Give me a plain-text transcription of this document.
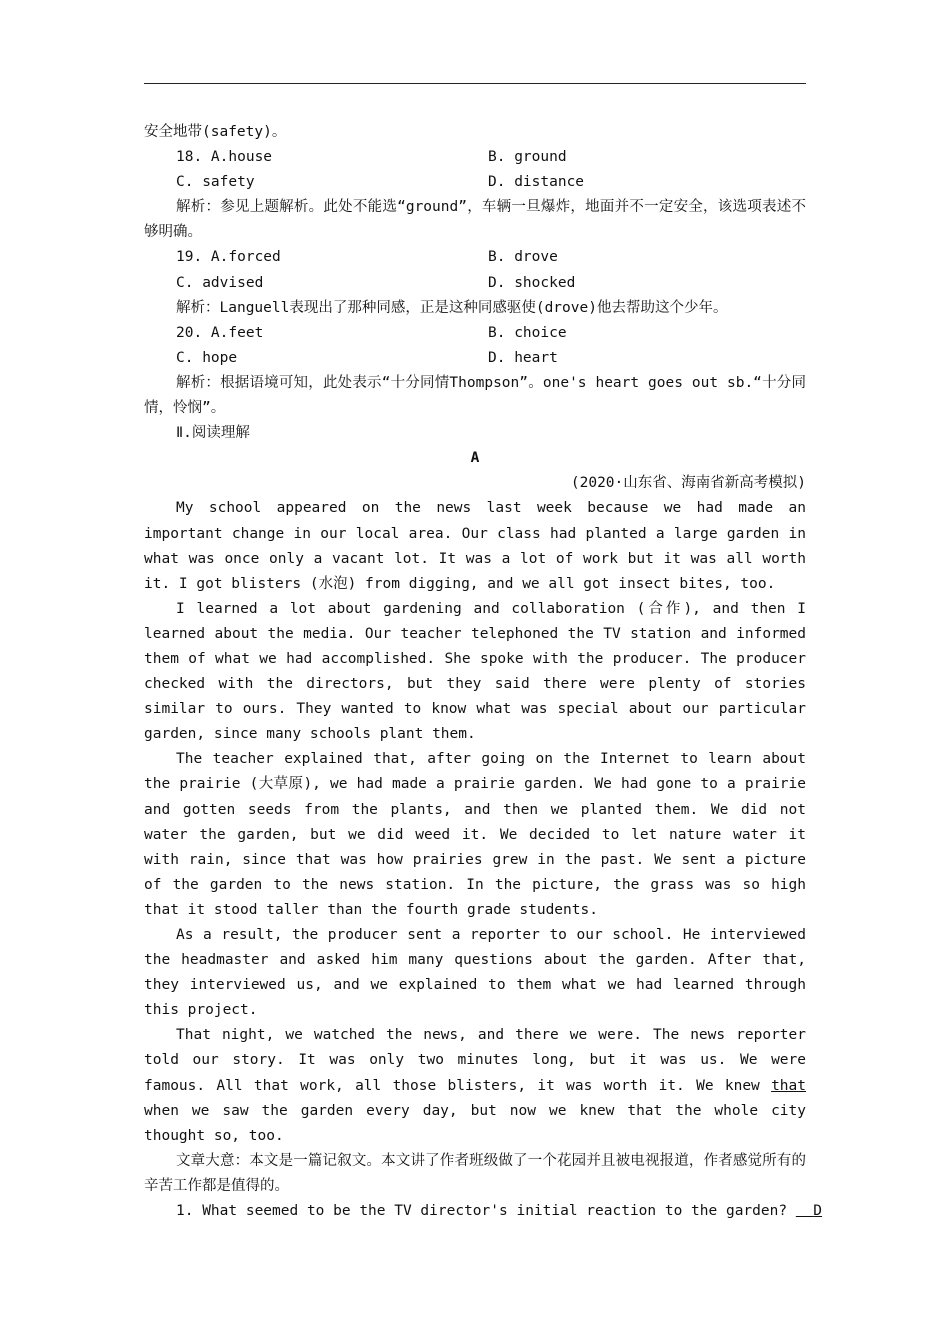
安全地带(safety)。
18. A.house	B. ground
C. safety	D. distance

解析：参见上题解析。此处不能选“ground”，车辆一旦爆炸，地面并不一定安全，该选项表述不够明确。

19. A.forced	B. drove
C. advised	D. shocked

解析：Languell表现出了那种同感，正是这种同感驱使(drove)他去帮助这个少年。

20. A.feet	B. choice
C. hope	D. heart

解析：根据语境可知，此处表示“十分同情Thompson”。one's heart goes out sb.“十分同情，怜悯”。

Ⅱ.阅读理解
A
(2020·山东省、海南省新高考模拟)

My school appeared on the news last week because we had made an important change in our local area. Our class had planted a large garden in what was once only a vacant lot. It was a lot of work but it was all worth it. I got blisters (水泡) from digging, and we all got insect bites, too.

I learned a lot about gardening and collaboration (合作), and then I learned about the media. Our teacher telephoned the TV station and informed them of what we had accomplished. She spoke with the producer. The producer checked with the directors, but they said there were plenty of stories similar to ours. They wanted to know what was special about our particular garden, since many schools plant them.

The teacher explained that, after going on the Internet to learn about the prairie (大草原), we had made a prairie garden. We had gone to a prairie and gotten seeds from the plants, and then we planted them. We did not water the garden, but we did weed it. We decided to let nature water it with rain, since that was how prairies grew in the past. We sent a picture of the garden to the news station. In the picture, the grass was so high that it stood taller than the fourth grade students.

As a result, the producer sent a reporter to our school. He interviewed the headmaster and asked him many questions about the garden. After that, they interviewed us, and we explained to them what we had learned through this project.

That night, we watched the news, and there we were. The news reporter told our story. It was only two minutes long, but it was us. We were famous. All that work, all those blisters, it was worth it. We knew that when we saw the garden every day, but now we knew that the whole city thought so, too.

文章大意：本文是一篇记叙文。本文讲了作者班级做了一个花园并且被电视报道，作者感觉所有的辛苦工作都是值得的。

1. What seemed to be the TV director's initial reaction to the garden? D
